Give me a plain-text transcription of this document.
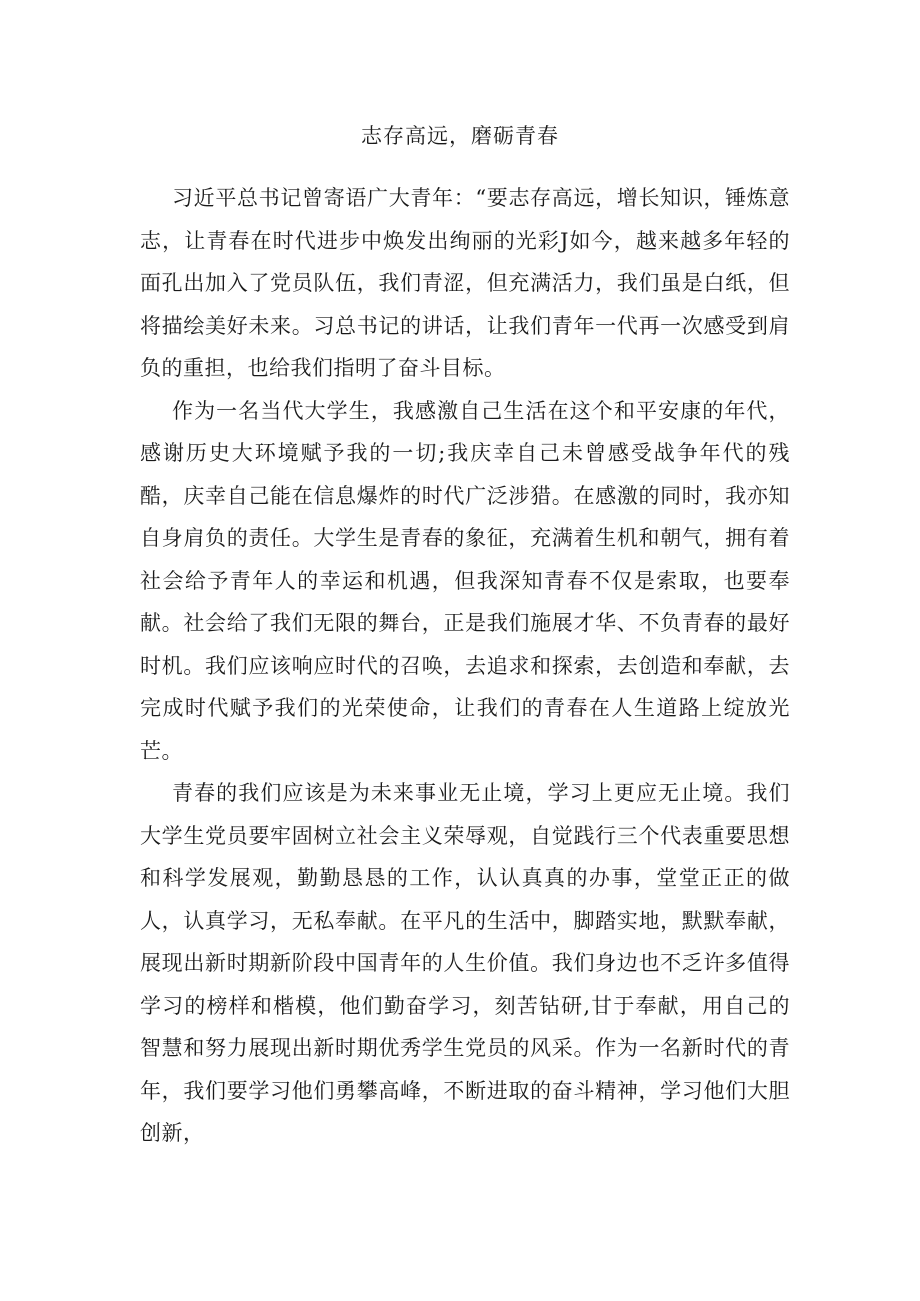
志存高远，磨砺青春

习近平总书记曾寄语广大青年：“要志存高远，增长知识，锤炼意志，让青春在时代进步中焕发出绚丽的光彩J如今，越来越多年轻的面孔出加入了党员队伍，我们青涩，但充满活力，我们虽是白纸，但将描绘美好未来。习总书记的讲话，让我们青年一代再一次感受到肩负的重担，也给我们指明了奋斗目标。

作为一名当代大学生，我感激自己生活在这个和平安康的年代，感谢历史大环境赋予我的一切;我庆幸自己未曾感受战争年代的残酷，庆幸自己能在信息爆炸的时代广泛涉猎。在感激的同时，我亦知自身肩负的责任。大学生是青春的象征，充满着生机和朝气，拥有着社会给予青年人的幸运和机遇，但我深知青春不仅是索取，也要奉献。社会给了我们无限的舞台，正是我们施展才华、不负青春的最好时机。我们应该响应时代的召唤，去追求和探索，去创造和奉献，去完成时代赋予我们的光荣使命，让我们的青春在人生道路上绽放光芒。

青春的我们应该是为未来事业无止境，学习上更应无止境。我们大学生党员要牢固树立社会主义荣辱观，自觉践行三个代表重要思想和科学发展观，勤勤恳恳的工作，认认真真的办事，堂堂正正的做人，认真学习，无私奉献。在平凡的生活中，脚踏实地，默默奉献，展现出新时期新阶段中国青年的人生价值。我们身边也不乏许多值得学习的榜样和楷模，他们勤奋学习，刻苦钻研,甘于奉献，用自己的智慧和努力展现出新时期优秀学生党员的风采。作为一名新时代的青年，我们要学习他们勇攀高峰，不断进取的奋斗精神，学习他们大胆创新，
